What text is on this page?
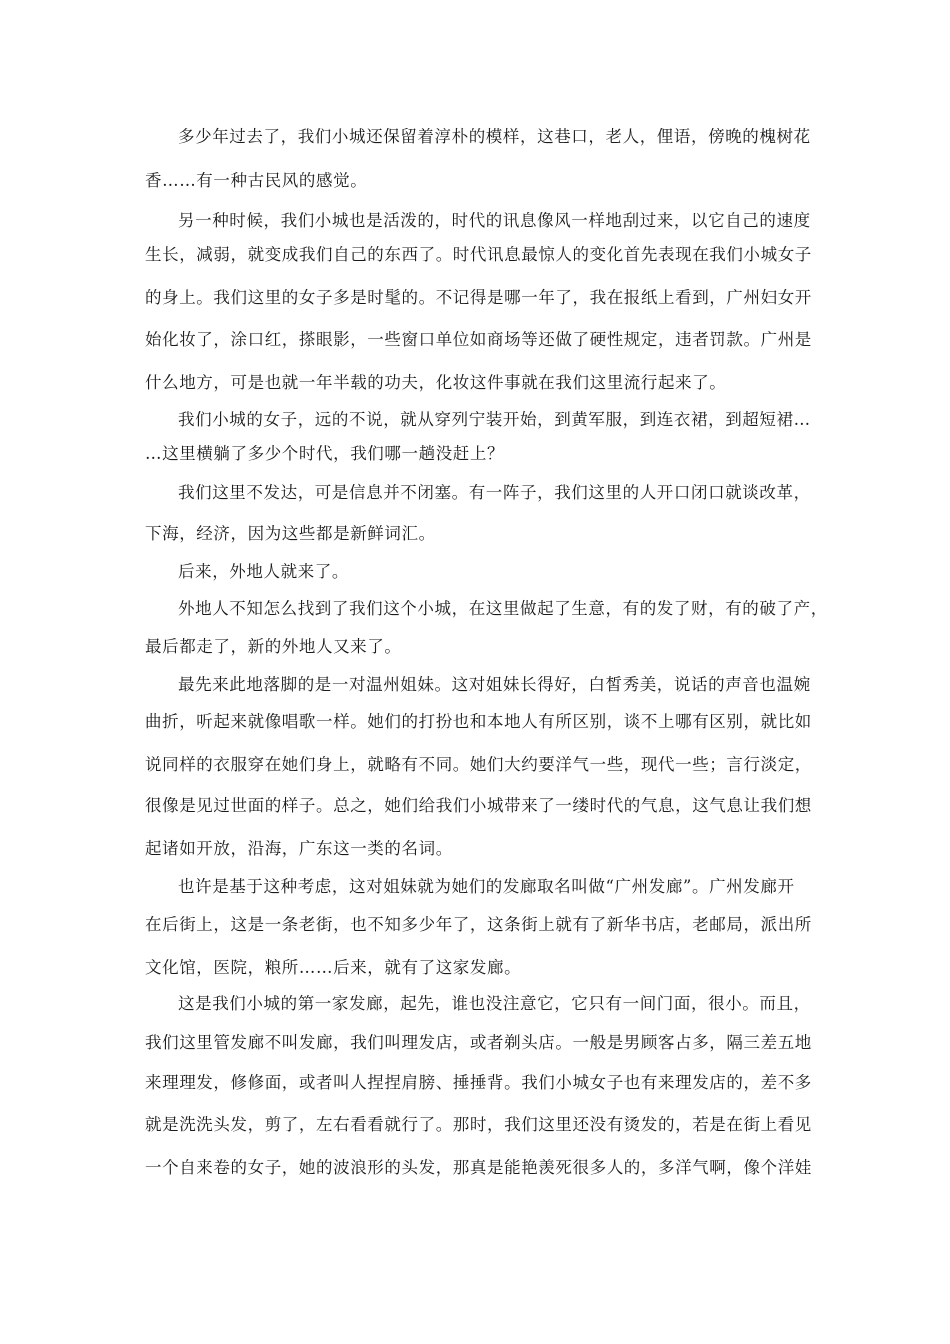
多少年过去了，我们小城还保留着淳朴的模样，这巷口，老人，俚语，傍晚的槐树花
香……有一种古民风的感觉。
另一种时候，我们小城也是活泼的，时代的讯息像风一样地刮过来，以它自己的速度
生长，减弱，就变成我们自己的东西了。时代讯息最惊人的变化首先表现在我们小城女子
的身上。我们这里的女子多是时髦的。不记得是哪一年了，我在报纸上看到，广州妇女开
始化妆了，涂口红，搽眼影，一些窗口单位如商场等还做了硬性规定，违者罚款。广州是
什么地方，可是也就一年半载的功夫，化妆这件事就在我们这里流行起来了。
我们小城的女子，远的不说，就从穿列宁装开始，到黄军服，到连衣裙，到超短裙…
…这里横躺了多少个时代，我们哪一趟没赶上？
我们这里不发达，可是信息并不闭塞。有一阵子，我们这里的人开口闭口就谈改革，
下海，经济，因为这些都是新鲜词汇。
后来，外地人就来了。
外地人不知怎么找到了我们这个小城，在这里做起了生意，有的发了财，有的破了产，
最后都走了，新的外地人又来了。
最先来此地落脚的是一对温州姐妹。这对姐妹长得好，白皙秀美，说话的声音也温婉
曲折，听起来就像唱歌一样。她们的打扮也和本地人有所区别，谈不上哪有区别，就比如
说同样的衣服穿在她们身上，就略有不同。她们大约要洋气一些，现代一些；言行淡定，
很像是见过世面的样子。总之，她们给我们小城带来了一缕时代的气息，这气息让我们想
起诸如开放，沿海，广东这一类的名词。
也许是基于这种考虑，这对姐妹就为她们的发廊取名叫做“广州发廊”。广州发廊开
在后街上，这是一条老街，也不知多少年了，这条街上就有了新华书店，老邮局，派出所
文化馆，医院，粮所……后来，就有了这家发廊。
这是我们小城的第一家发廊，起先，谁也没注意它，它只有一间门面，很小。而且，
我们这里管发廊不叫发廊，我们叫理发店，或者剃头店。一般是男顾客占多，隔三差五地
来理理发，修修面，或者叫人捏捏肩膀、捶捶背。我们小城女子也有来理发店的，差不多
就是洗洗头发，剪了，左右看看就行了。那时，我们这里还没有烫发的，若是在街上看见
一个自来卷的女子，她的波浪形的头发，那真是能艳羡死很多人的，多洋气啊，像个洋娃
